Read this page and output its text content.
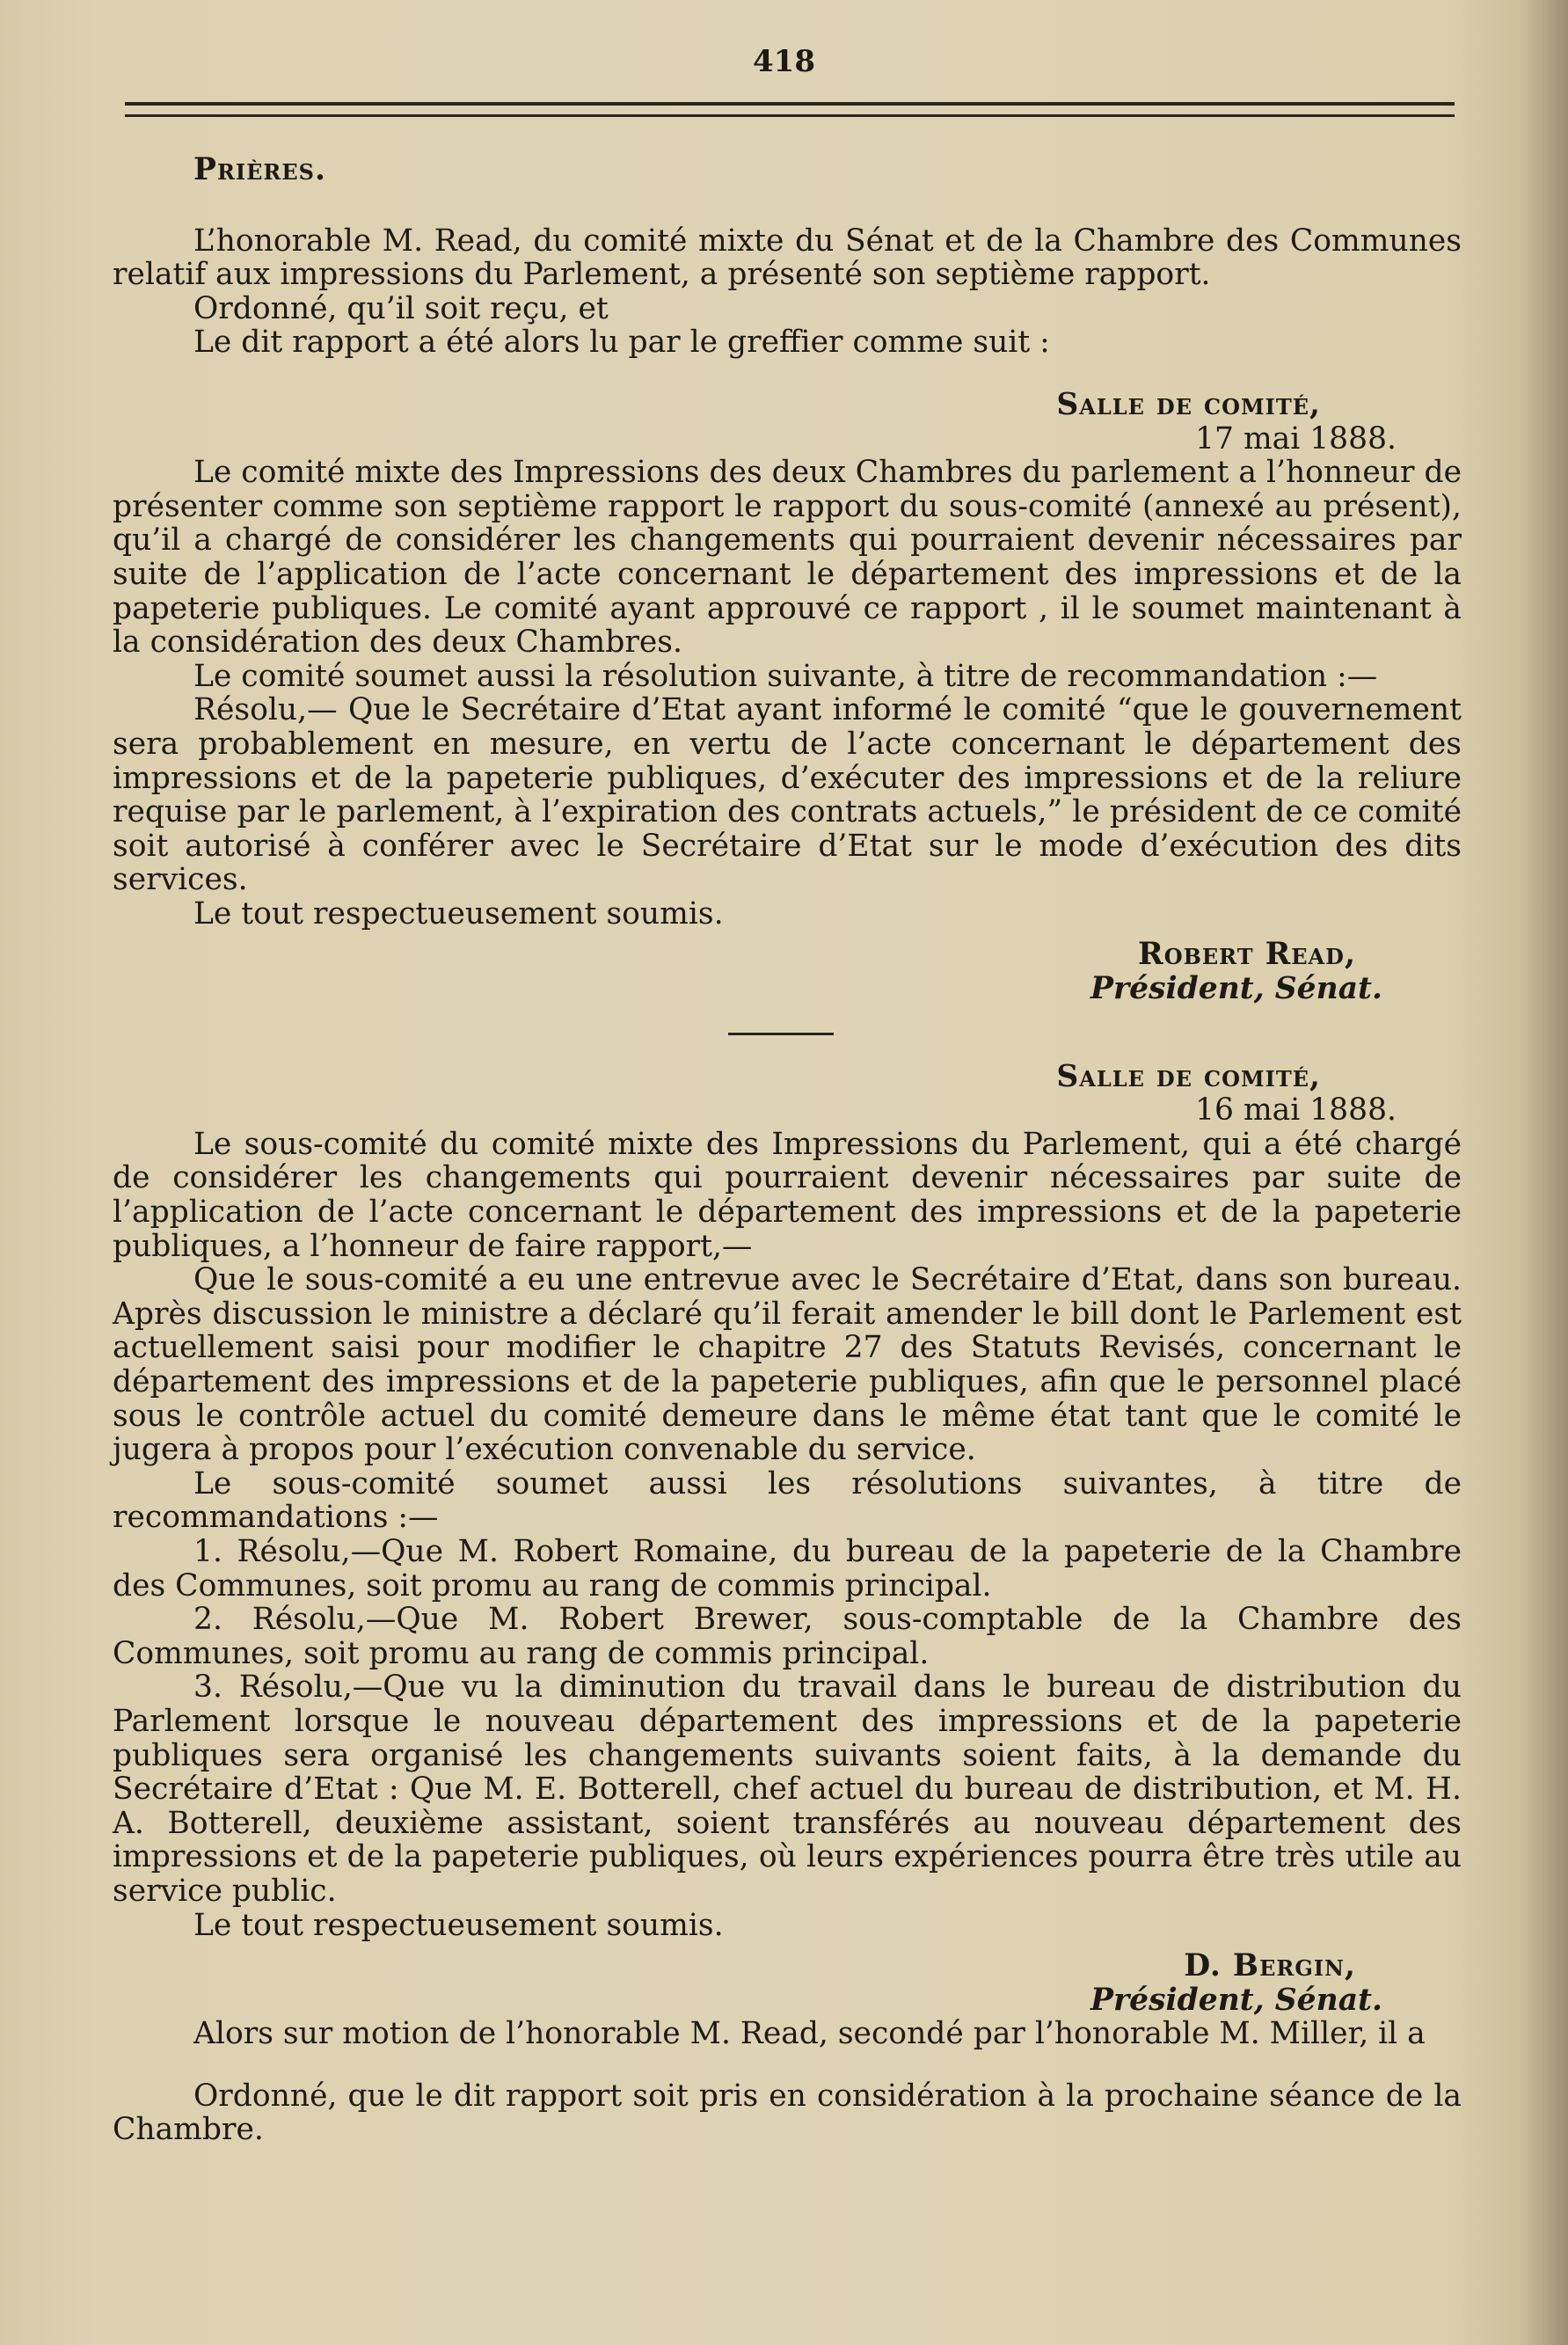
418

Prières.

L’honorable M. Read, du comité mixte du Sénat et de la Chambre des Communes relatif aux impressions du Parlement, a présenté son septième rapport.

Ordonné, qu’il soit reçu, et

Le dit rapport a été alors lu par le greffier comme suit :

Salle de comité,

17 mai 1888.

Le comité mixte des Impressions des deux Chambres du parlement a l’honneur de présenter comme son septième rapport le rapport du sous-comité (annexé au présent), qu’il a chargé de considérer les changements qui pourraient devenir nécessaires par suite de l’application de l’acte concernant le département des impressions et de la papeterie publiques. Le comité ayant approuvé ce rapport , il le soumet maintenant à la considération des deux Chambres.

Le comité soumet aussi la résolution suivante, à titre de recommandation :—

Résolu,— Que le Secrétaire d’Etat ayant informé le comité “que le gouvernement sera probablement en mesure, en vertu de l’acte concernant le département des impressions et de la papeterie publiques, d’exécuter des impressions et de la reliure requise par le parlement, à l’expiration des contrats actuels,” le président de ce comité soit autorisé à conférer avec le Secrétaire d’Etat sur le mode d’exécution des dits services.

Le tout respectueusement soumis.

Robert Read,

Président, Sénat.

Salle de comité,

16 mai 1888.

Le sous-comité du comité mixte des Impressions du Parlement, qui a été chargé de considérer les changements qui pourraient devenir nécessaires par suite de l’application de l’acte concernant le département des impressions et de la papeterie publiques, a l’honneur de faire rapport,—

Que le sous-comité a eu une entrevue avec le Secrétaire d’Etat, dans son bureau. Après discussion le ministre a déclaré qu’il ferait amender le bill dont le Parlement est actuellement saisi pour modifier le chapitre 27 des Statuts Revisés, concernant le département des impressions et de la papeterie publiques, afin que le personnel placé sous le contrôle actuel du comité demeure dans le même état tant que le comité le jugera à propos pour l’exécution convenable du service.

Le sous-comité soumet aussi les résolutions suivantes, à titre de recommandations :—

1. Résolu,—Que M. Robert Romaine, du bureau de la papeterie de la Chambre des Communes, soit promu au rang de commis principal.

2. Résolu,—Que M. Robert Brewer, sous-comptable de la Chambre des Communes, soit promu au rang de commis principal.

3. Résolu,—Que vu la diminution du travail dans le bureau de distribution du Parlement lorsque le nouveau département des impressions et de la papeterie publiques sera organisé les changements suivants soient faits, à la demande du Secrétaire d’Etat : Que M. E. Botterell, chef actuel du bureau de distribution, et M. H. A. Botterell, deuxième assistant, soient transférés au nouveau département des impressions et de la papeterie publiques, où leurs expériences pourra être très utile au service public.

Le tout respectueusement soumis.

D. Bergin,

Président, Sénat.

Alors sur motion de l’honorable M. Read, secondé par l’honorable M. Miller, il a

Ordonné, que le dit rapport soit pris en considération à la prochaine séance de la Chambre.
